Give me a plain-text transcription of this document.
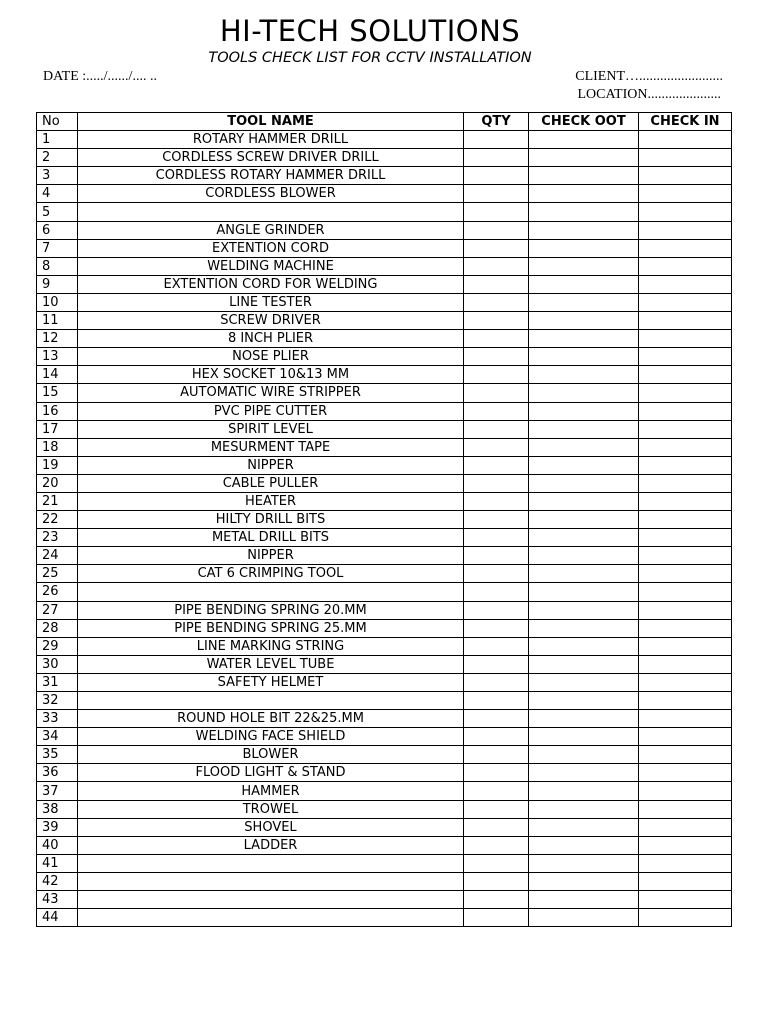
HI-TECH SOLUTIONS
TOOLS CHECK LIST FOR CCTV INSTALLATION
DATE :...../....../.... ..	CLIENT…........................
LOCATION.....................
No	TOOL NAME	QTY	CHECK OOT	CHECK IN
1	ROTARY HAMMER DRILL			
2	CORDLESS SCREW DRIVER DRILL			
3	CORDLESS ROTARY HAMMER DRILL			
4	CORDLESS BLOWER			
5				
6	ANGLE GRINDER			
7	EXTENTION CORD			
8	WELDING MACHINE			
9	EXTENTION CORD FOR WELDING			
10	LINE TESTER			
11	SCREW DRIVER			
12	8 INCH PLIER			
13	NOSE PLIER			
14	HEX SOCKET 10&13 MM			
15	AUTOMATIC WIRE STRIPPER			
16	PVC PIPE CUTTER			
17	SPIRIT LEVEL			
18	MESURMENT TAPE			
19	NIPPER			
20	CABLE PULLER			
21	HEATER			
22	HILTY DRILL BITS			
23	METAL DRILL BITS			
24	NIPPER			
25	CAT 6 CRIMPING TOOL			
26				
27	PIPE BENDING SPRING 20.MM			
28	PIPE BENDING SPRING 25.MM			
29	LINE MARKING STRING			
30	WATER LEVEL TUBE			
31	SAFETY HELMET			
32				
33	ROUND HOLE BIT 22&25.MM			
34	WELDING FACE SHIELD			
35	BLOWER			
36	FLOOD LIGHT & STAND			
37	HAMMER			
38	TROWEL			
39	SHOVEL			
40	LADDER			
41				
42				
43				
44				
